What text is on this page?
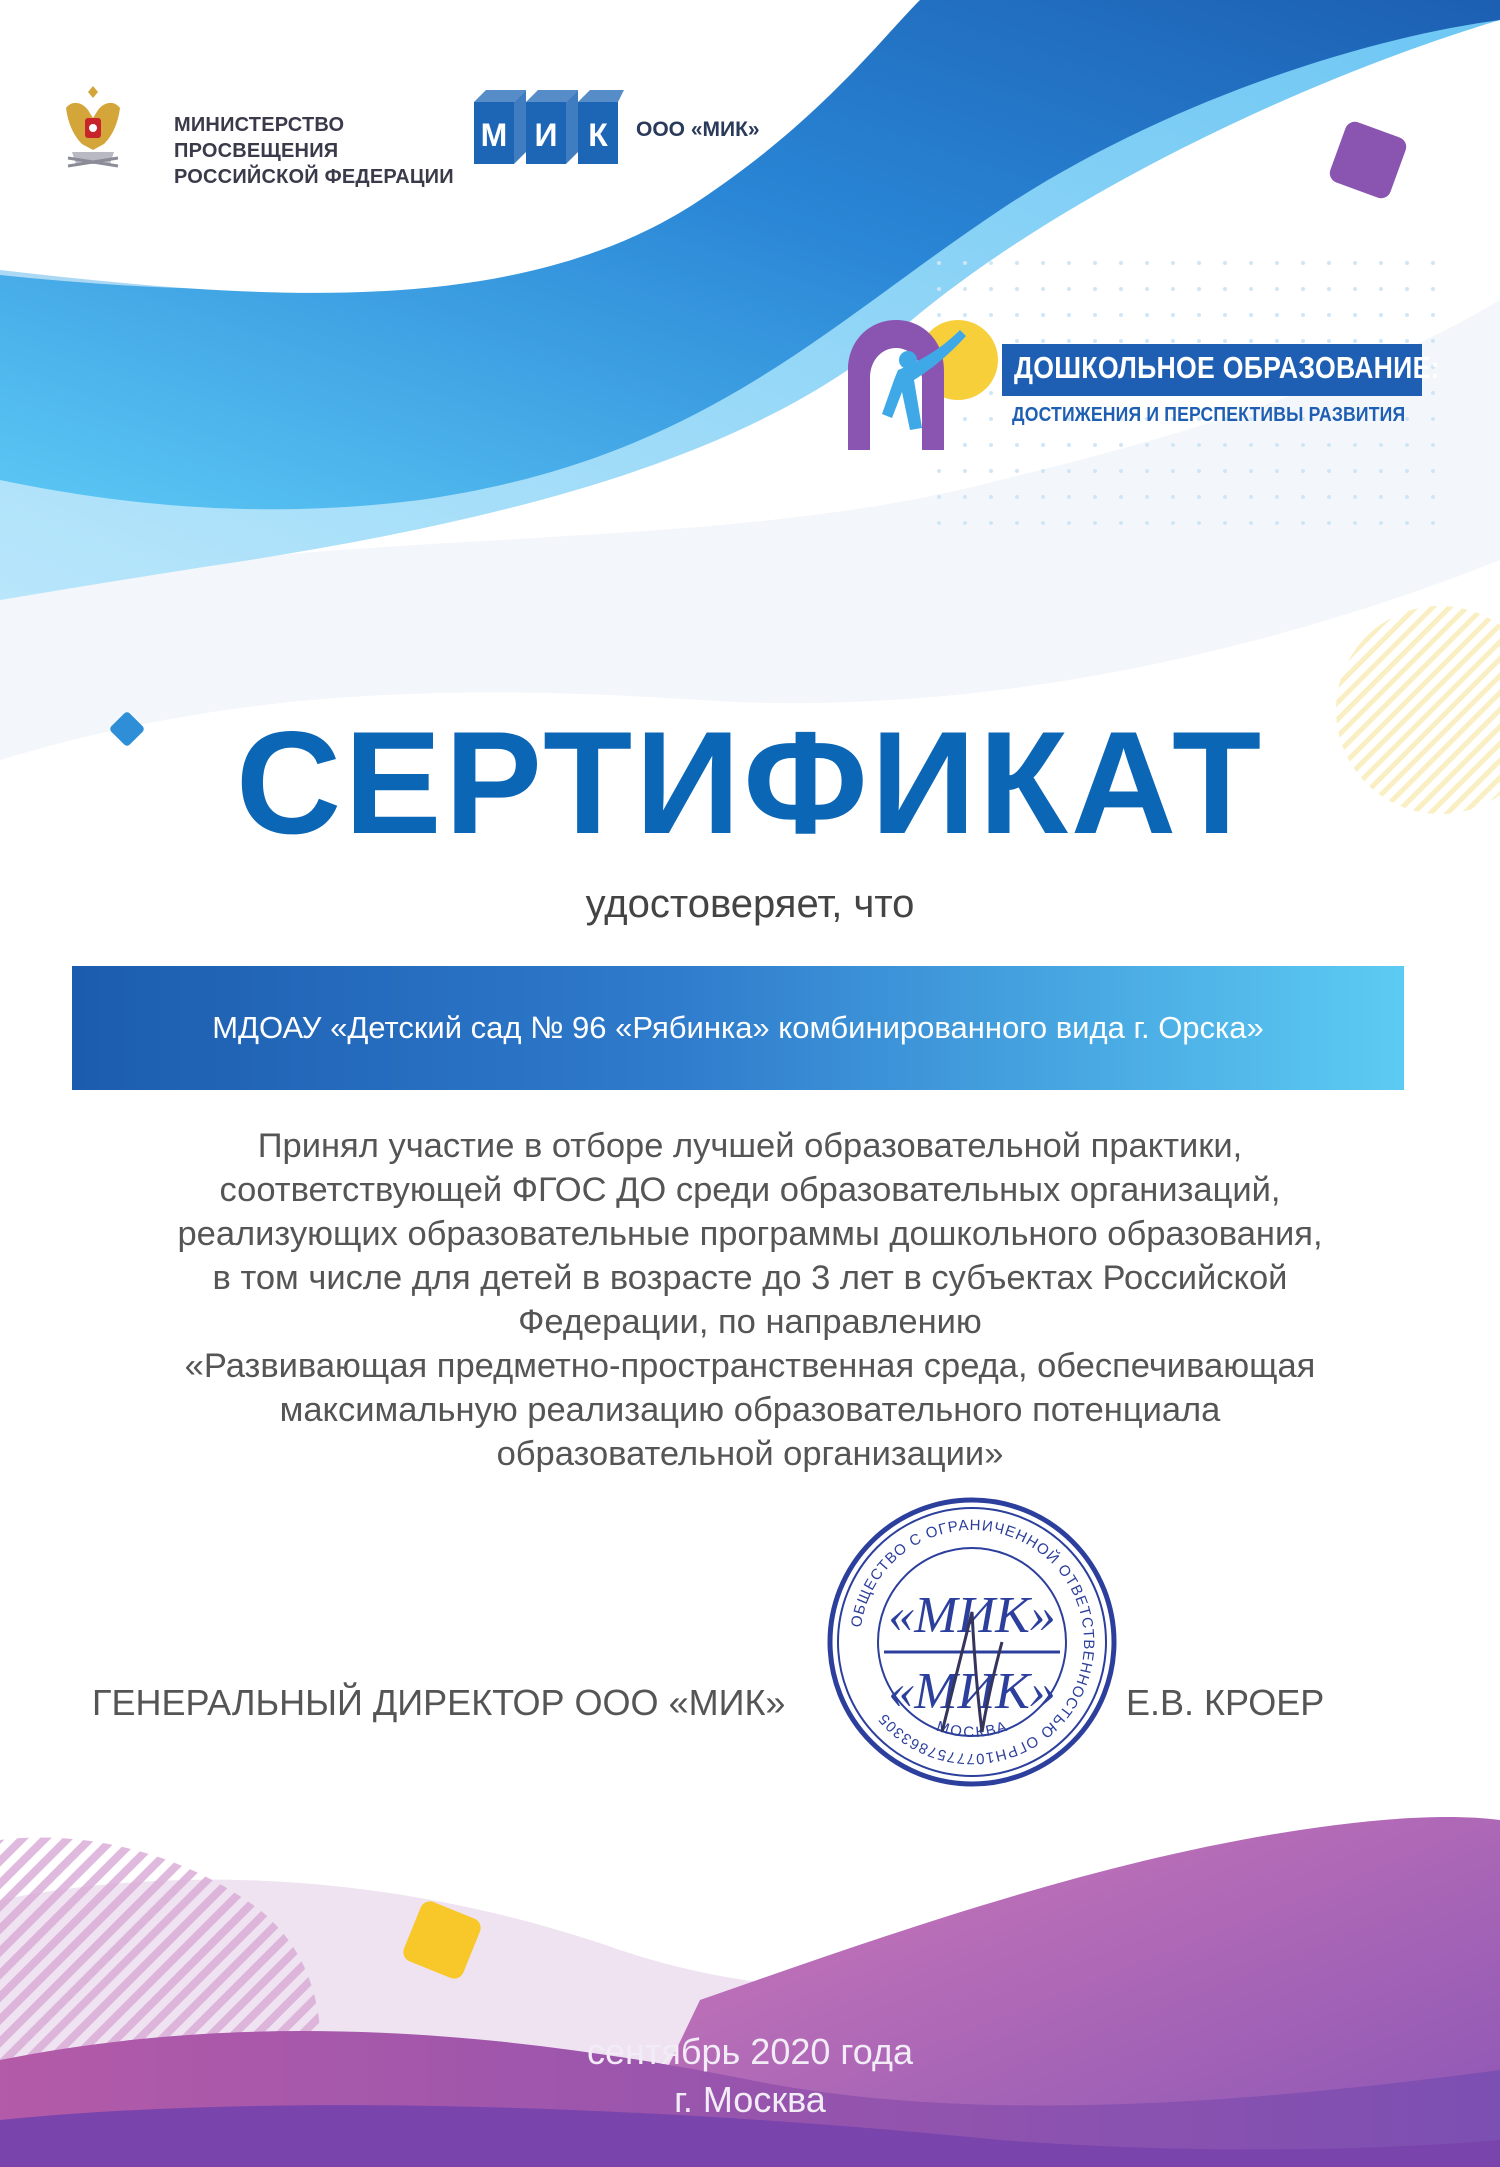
МИНИСТЕРСТВО ПРОСВЕЩЕНИЯ
РОССИЙСКОЙ ФЕДЕРАЦИИ
М И К ООО «МИК»
ДОШКОЛЬНОЕ ОБРАЗОВАНИЕ:
ДОСТИЖЕНИЯ И ПЕРСПЕКТИВЫ РАЗВИТИЯ
СЕРТИФИКАТ
удостоверяет, что
МДОАУ «Детский сад № 96 «Рябинка» комбинированного вида г. Орска»
Принял участие в отборе лучшей образовательной практики,
соответствующей ФГОС ДО среди образовательных организаций,
реализующих образовательные программы дошкольного образования,
в том числе для детей в возрасте до 3 лет в субъектах Российской
Федерации, по направлению
«Развивающая предметно-пространственная среда, обеспечивающая
максимальную реализацию образовательного потенциала
образовательной организации»
ГЕНЕРАЛЬНЫЙ ДИРЕКТОР ООО «МИК»	Е.В. КРОЕР
ОБЩЕСТВО С ОГРАНИЧЕННОЙ ОТВЕТСТВЕННОСТЬЮ ОГРН1077757863305	МОСКВА
«МИК»
«МИК»
сентябрь 2020 года
г. Москва
